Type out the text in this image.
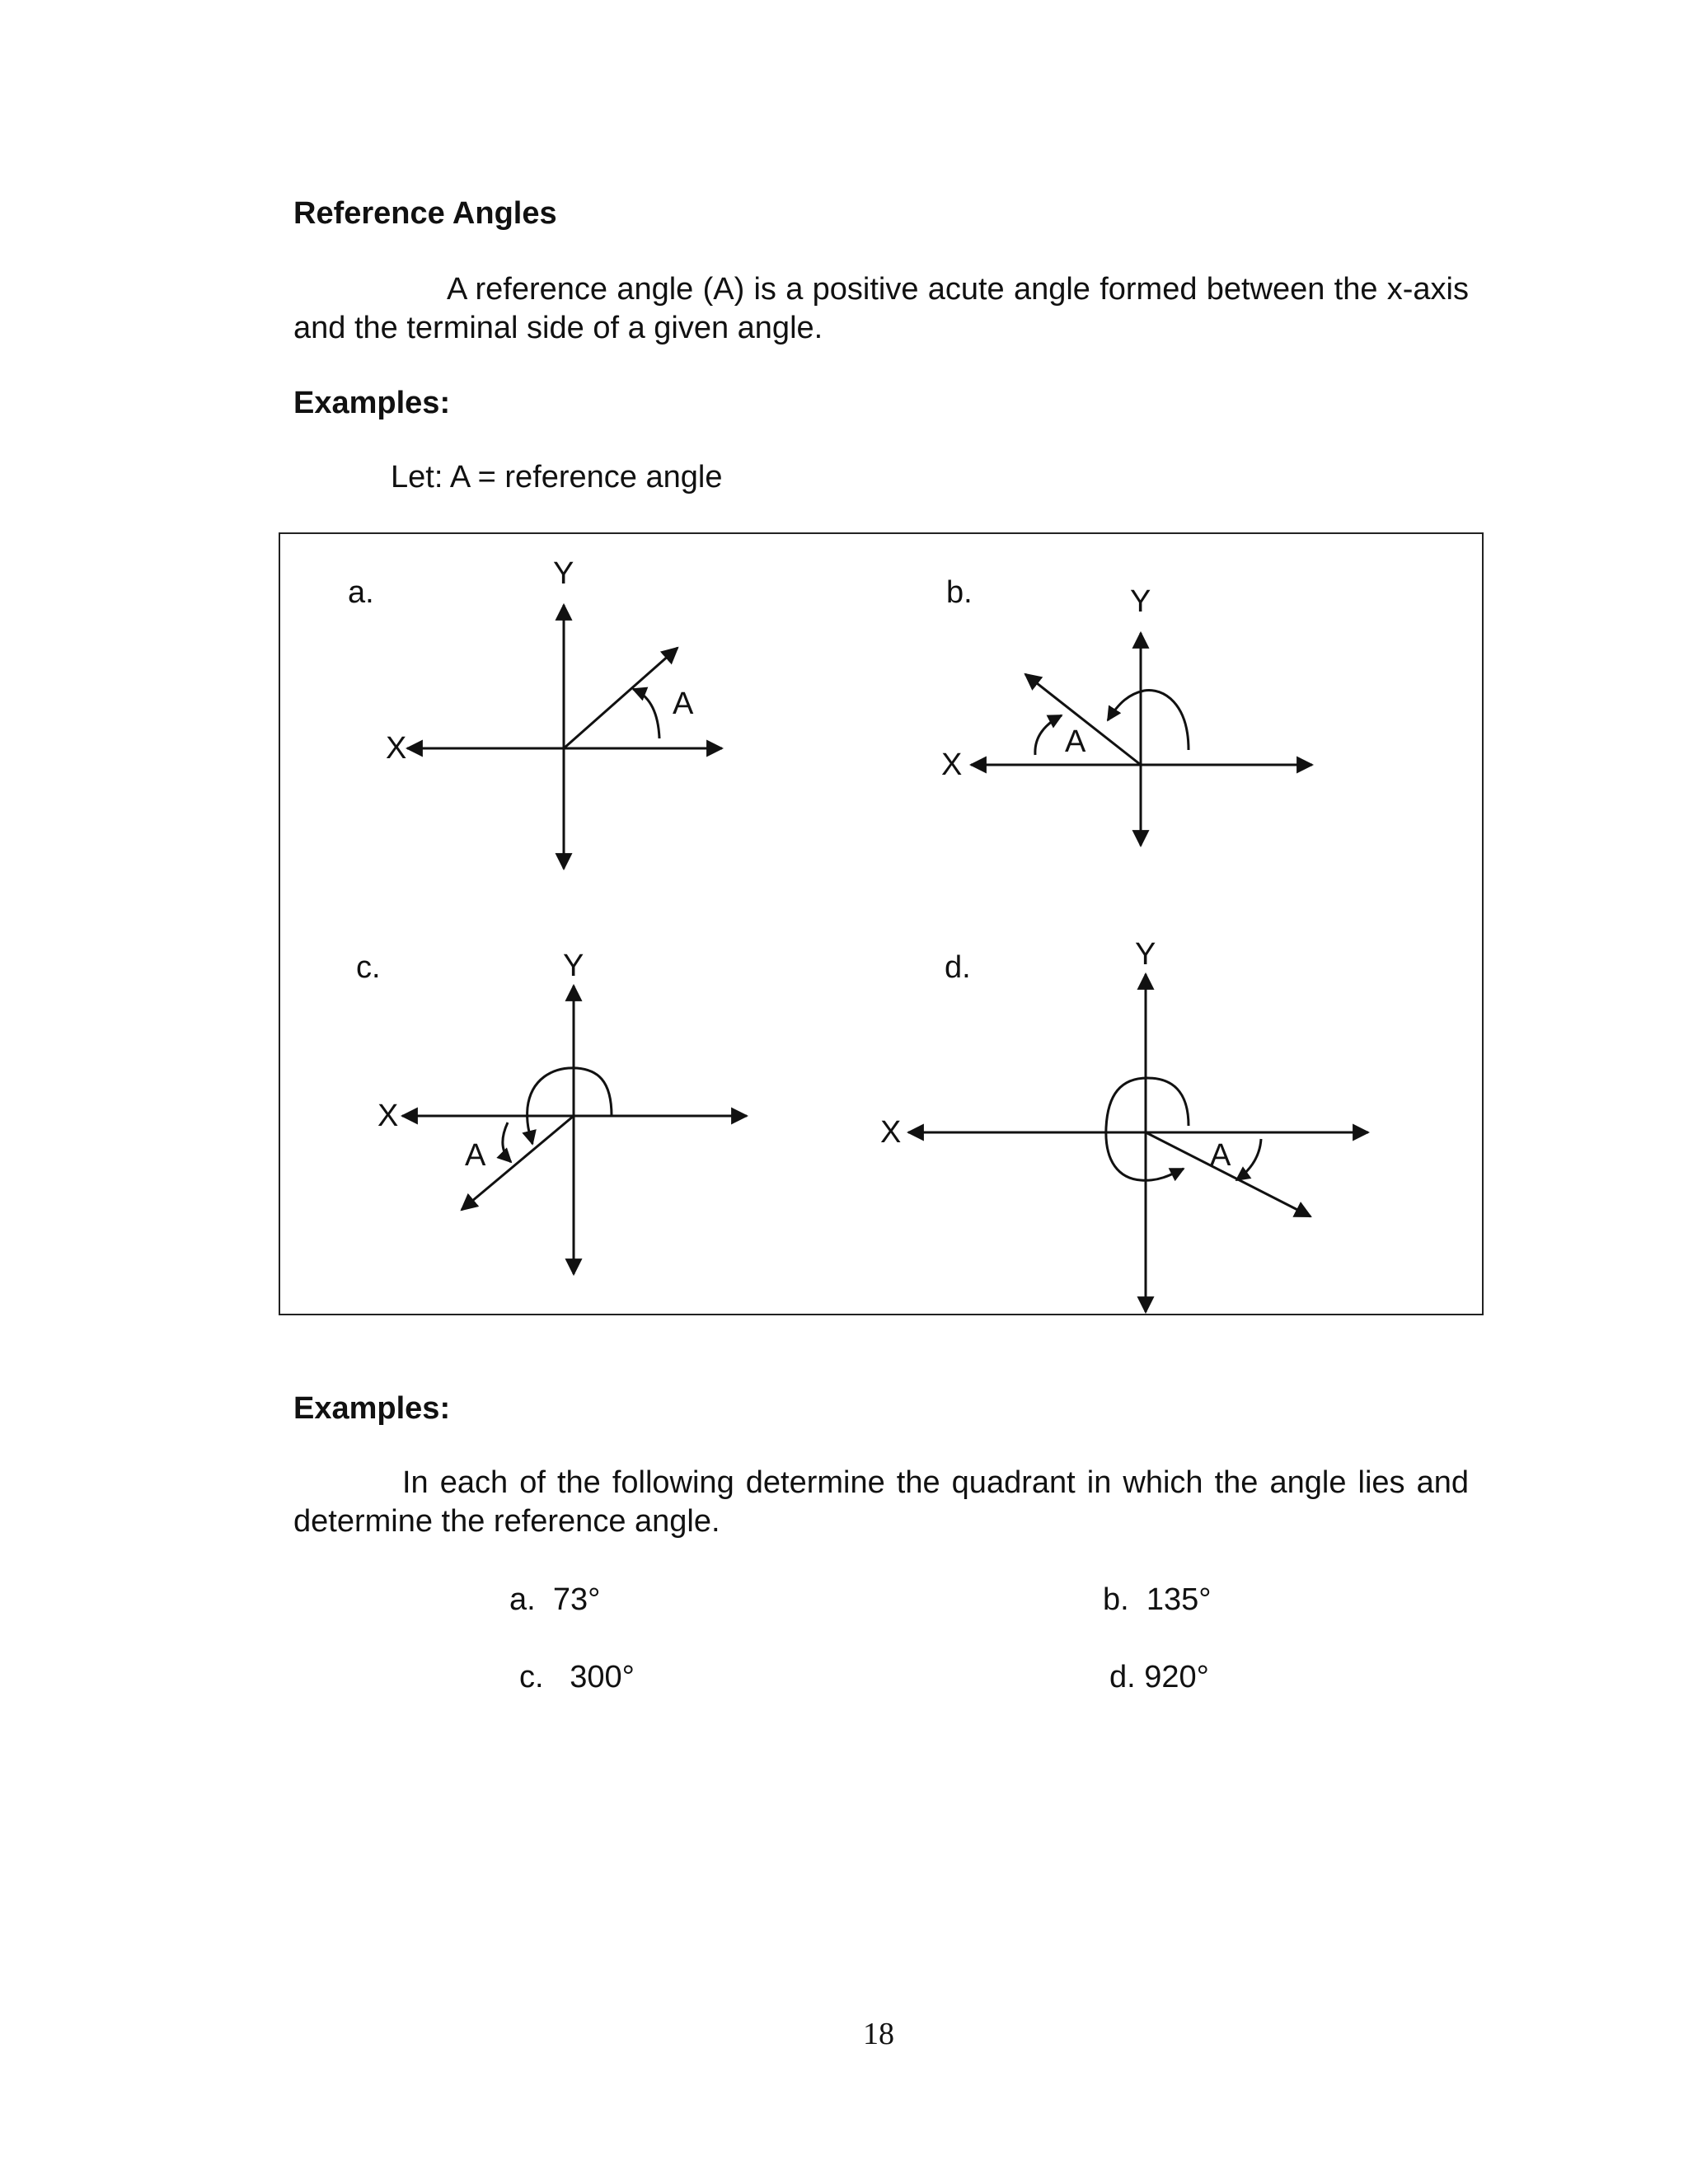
Reference Angles

A reference angle (A) is a positive acute angle formed between the x-axis and the terminal side of a given angle.

Examples:

Let: A = reference angle

a.
X
Y
A
b.
X
Y
A
c.
X
Y
A
d.
X
Y
A
Examples:

In each of the following determine the quadrant in which the angle lies and determine the reference angle.

a. 73°	b. 135°
c. 300°	d. 920°
18
